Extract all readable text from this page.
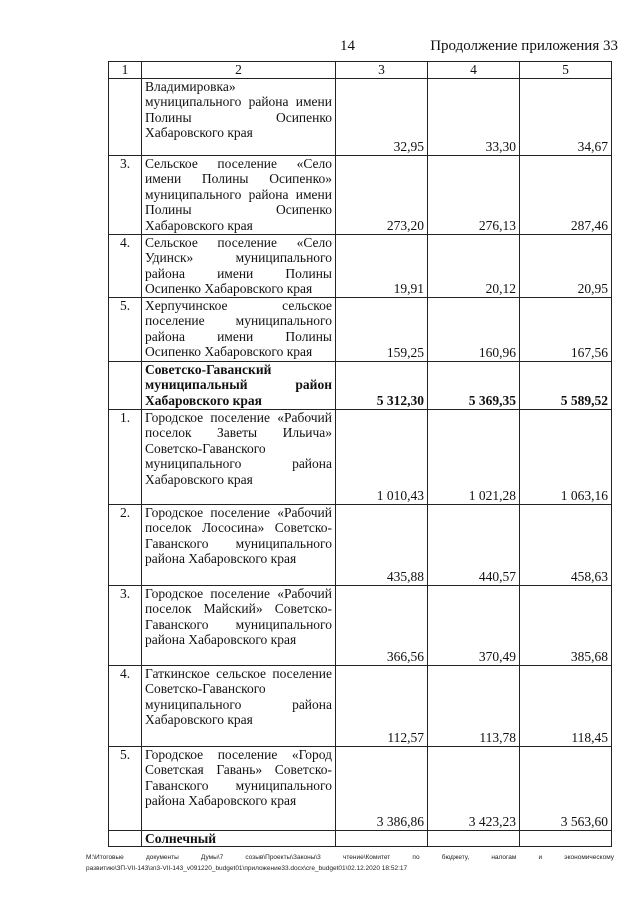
14	Продолжение приложения 33
1	2	3	4	5
	Владимировка» муниципального района имени Полины Осипенко Хабаровского края	32,95	33,30	34,67
3.	Сельское поселение «Село имени Полины Осипенко» муниципального района имени Полины Осипенко Хабаровского края	273,20	276,13	287,46
4.	Сельское поселение «Село Удинск» муниципального района имени Полины Осипенко Хабаровского края	19,91	20,12	20,95
5.	Херпучинское сельское поселение муниципального района имени Полины Осипенко Хабаровского края	159,25	160,96	167,56
	Советско-Гаванский муниципальный район Хабаровского края	5 312,30	5 369,35	5 589,52
1.	Городское поселение «Рабочий поселок Заветы Ильича» Советско-Гаванского муниципального района Хабаровского края	1 010,43	1 021,28	1 063,16
2.	Городское поселение «Рабочий поселок Лососина» Советско-Гаванского муниципального района Хабаровского края	435,88	440,57	458,63
3.	Городское поселение «Рабочий поселок Майский» Советско-Гаванского муниципального района Хабаровского края	366,56	370,49	385,68
4.	Гаткинское сельское поселение Советско-Гаванского муниципального района Хабаровского края	112,57	113,78	118,45
5.	Городское поселение «Город Советская Гавань» Советско-Гаванского муниципального района Хабаровского края	3 386,86	3 423,23	3 563,60
	Солнечный			
М:\Итоговые документы Думы\7 созыв\Проекты\Законы\3 чтение\Комитет по бюджету, налогам и экономическому
развитию\ЗП-VII-143\зп3-VII-143_v091220_budget01\приложение33.docx\cre_budget01\02.12.2020 18:52:17
